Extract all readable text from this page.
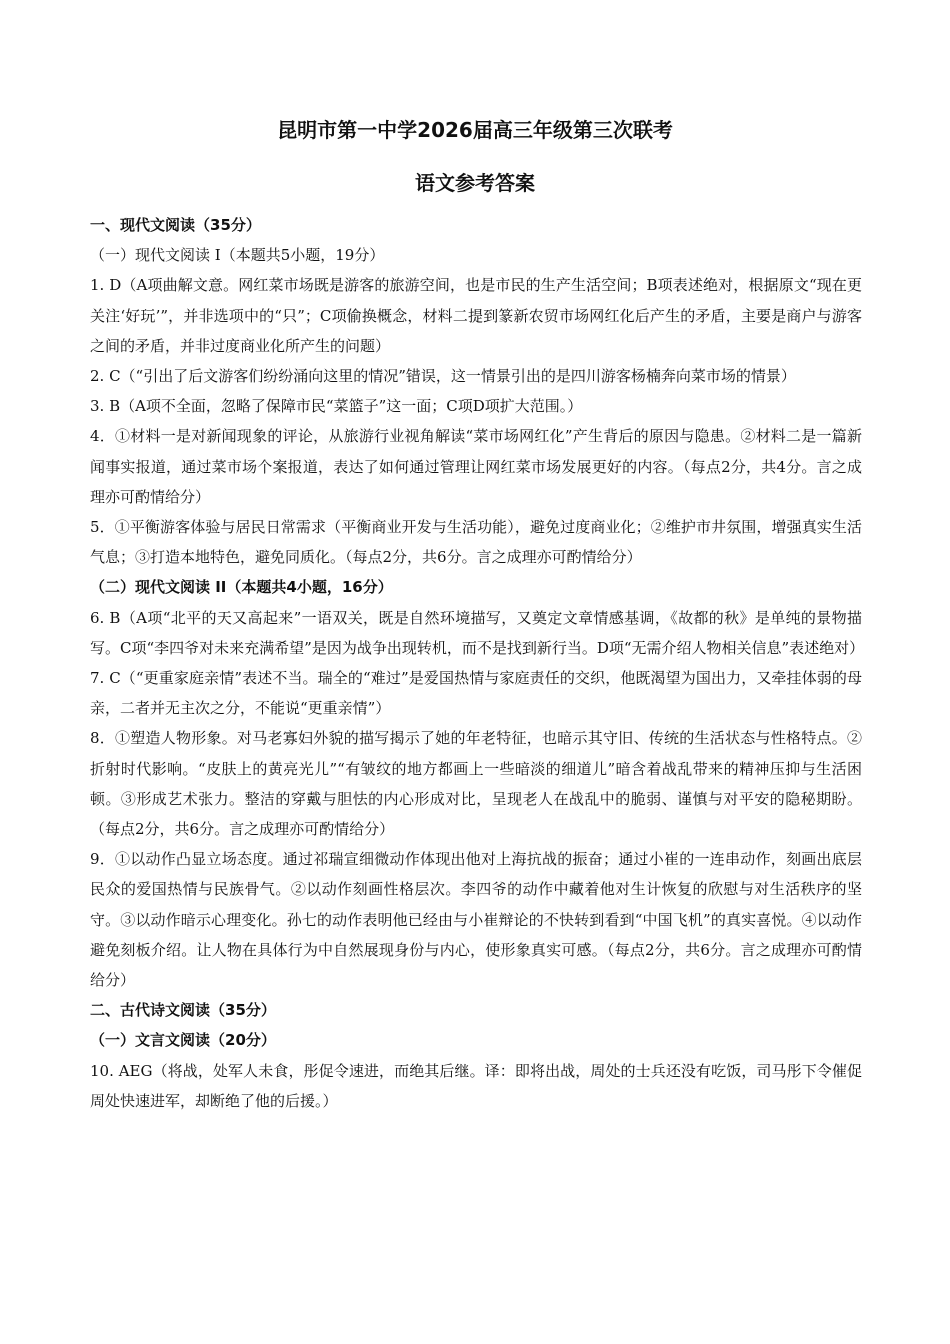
昆明市第一中学2026届高三年级第三次联考
语文参考答案

一、现代文阅读（35分）

（一）现代文阅读 I（本题共5小题，19分）

1. D（A项曲解文意。网红菜市场既是游客的旅游空间，也是市民的生产生活空间；B项表述绝对，根据原文“现在更关注‘好玩’”，并非选项中的“只”；C项偷换概念，材料二提到篆新农贸市场网红化后产生的矛盾，主要是商户与游客之间的矛盾，并非过度商业化所产生的问题）

2. C（“引出了后文游客们纷纷涌向这里的情况”错误，这一情景引出的是四川游客杨楠奔向菜市场的情景）

3. B（A项不全面，忽略了保障市民“菜篮子”这一面；C项D项扩大范围。）

4．①材料一是对新闻现象的评论，从旅游行业视角解读“菜市场网红化”产生背后的原因与隐患。②材料二是一篇新闻事实报道，通过菜市场个案报道，表达了如何通过管理让网红菜市场发展更好的内容。（每点2分，共4分。言之成理亦可酌情给分）

5．①平衡游客体验与居民日常需求（平衡商业开发与生活功能），避免过度商业化；②维护市井氛围，增强真实生活气息；③打造本地特色，避免同质化。（每点2分，共6分。言之成理亦可酌情给分）

（二）现代文阅读 II（本题共4小题，16分）

6. B（A项“北平的天又高起来”一语双关，既是自然环境描写，又奠定文章情感基调，《故都的秋》是单纯的景物描写。C项“李四爷对未来充满希望”是因为战争出现转机，而不是找到新行当。D项“无需介绍人物相关信息”表述绝对）

7. C（“更重家庭亲情”表述不当。瑞全的“难过”是爱国热情与家庭责任的交织，他既渴望为国出力，又牵挂体弱的母亲，二者并无主次之分，不能说“更重亲情”）

8．①塑造人物形象。对马老寡妇外貌的描写揭示了她的年老特征，也暗示其守旧、传统的生活状态与性格特点。②折射时代影响。“皮肤上的黄亮光儿”“有皱纹的地方都画上一些暗淡的细道儿”暗含着战乱带来的精神压抑与生活困顿。③形成艺术张力。整洁的穿戴与胆怯的内心形成对比，呈现老人在战乱中的脆弱、谨慎与对平安的隐秘期盼。（每点2分，共6分。言之成理亦可酌情给分）

9．①以动作凸显立场态度。通过祁瑞宣细微动作体现出他对上海抗战的振奋；通过小崔的一连串动作，刻画出底层民众的爱国热情与民族骨气。②以动作刻画性格层次。李四爷的动作中藏着他对生计恢复的欣慰与对生活秩序的坚守。③以动作暗示心理变化。孙七的动作表明他已经由与小崔辩论的不快转到看到“中国飞机”的真实喜悦。④以动作避免刻板介绍。让人物在具体行为中自然展现身份与内心，使形象真实可感。（每点2分，共6分。言之成理亦可酌情给分）

二、古代诗文阅读（35分）

（一）文言文阅读（20分）

10. AEG（将战，处军人未食，彤促令速进，而绝其后继。译：即将出战，周处的士兵还没有吃饭，司马彤下令催促周处快速进军，却断绝了他的后援。）
